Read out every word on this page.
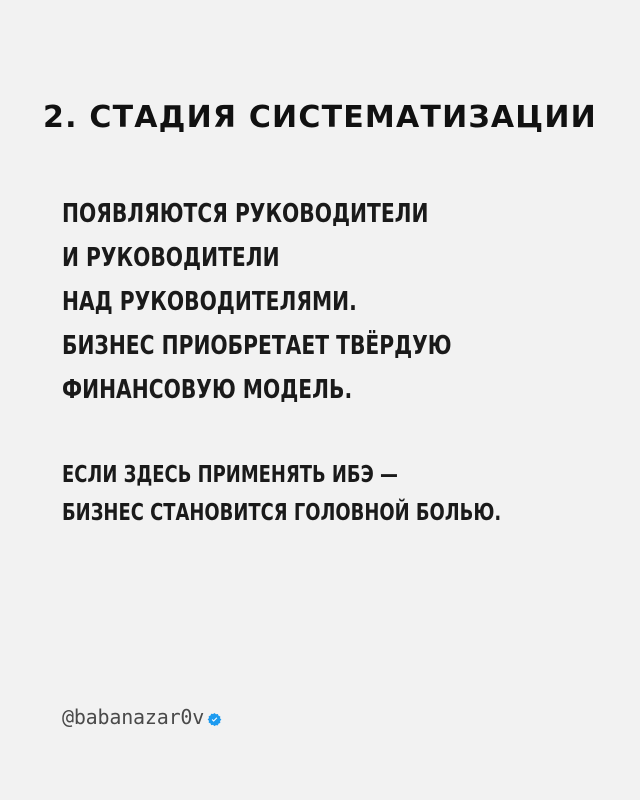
2. СТАДИЯ СИСТЕМАТИЗАЦИИ
ПОЯВЛЯЮТСЯ РУКОВОДИТЕЛИ
И РУКОВОДИТЕЛИ
НАД РУКОВОДИТЕЛЯМИ.
БИЗНЕС ПРИОБРЕТАЕТ ТВЁРДУЮ
ФИНАНСОВУЮ МОДЕЛЬ.
ЕСЛИ ЗДЕСЬ ПРИМЕНЯТЬ ИБЭ —
БИЗНЕС СТАНОВИТСЯ ГОЛОВНОЙ БОЛЬЮ.
@babanazar0v
